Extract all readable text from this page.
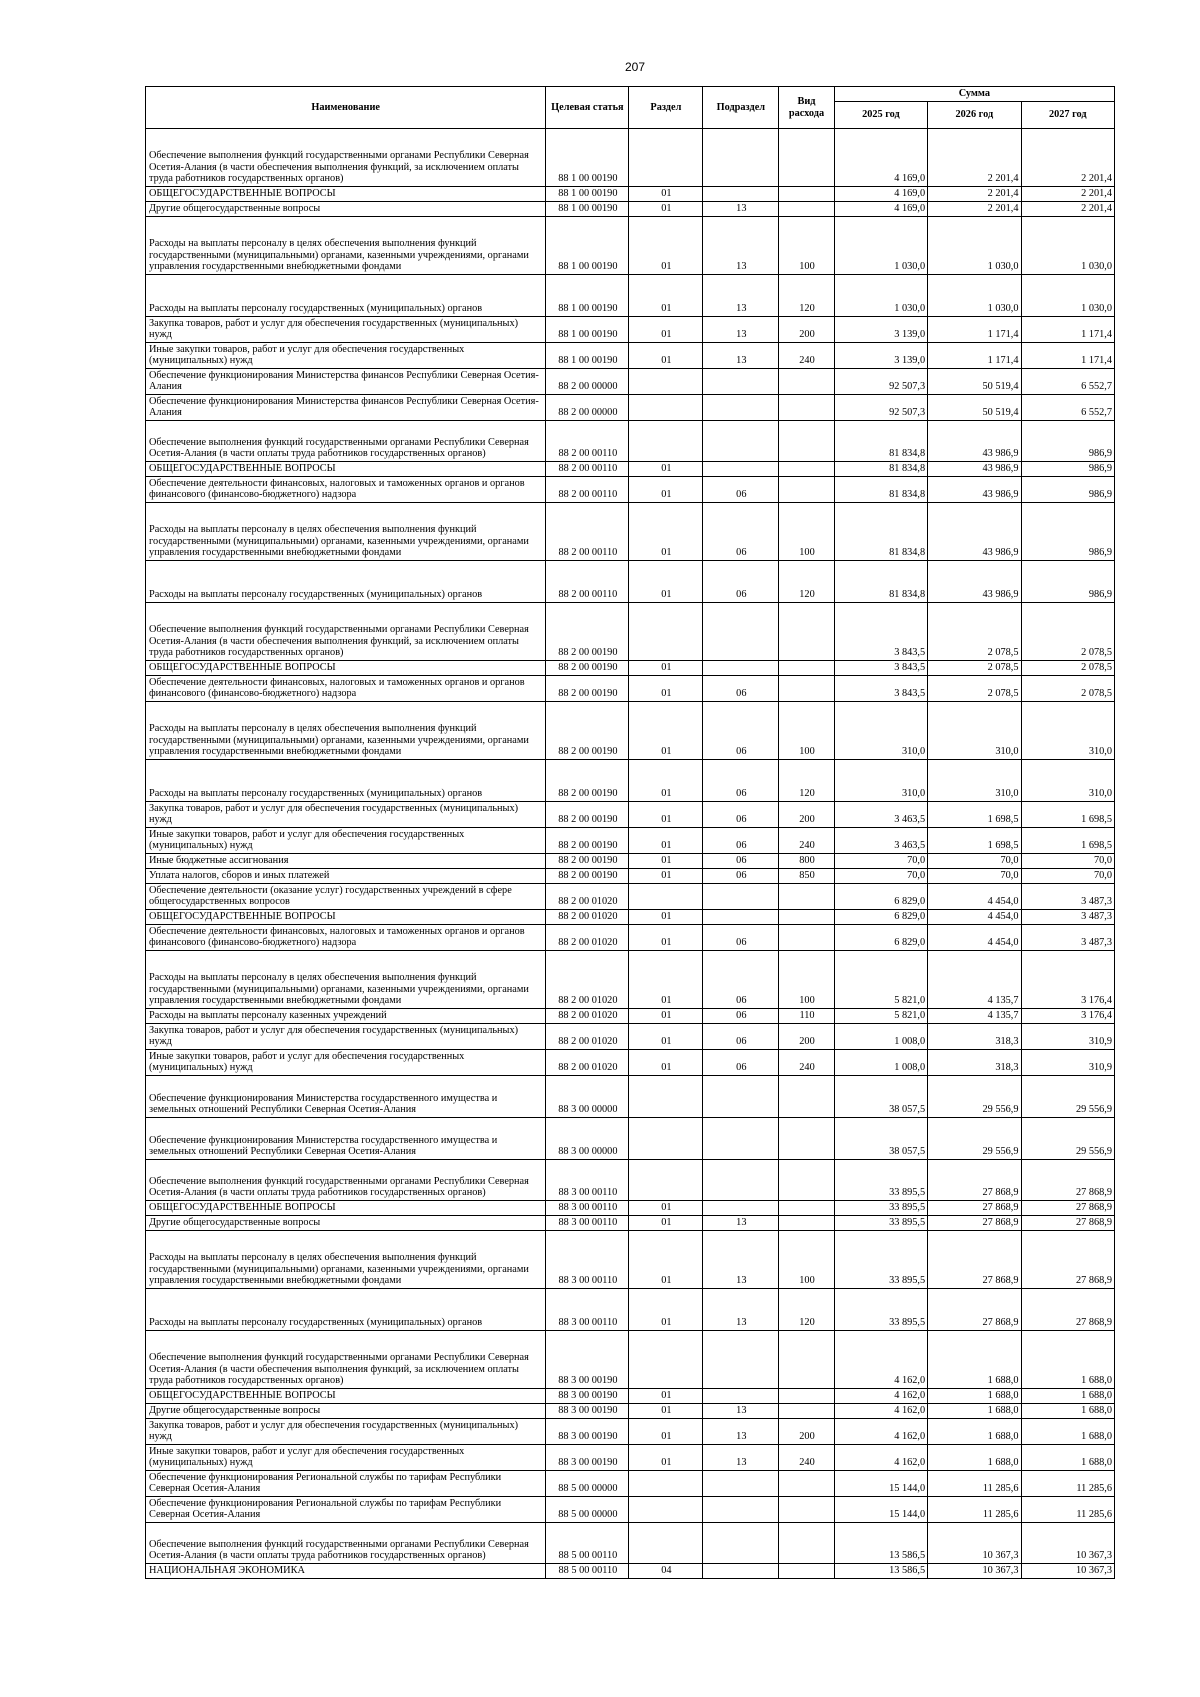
207
Наименование	Целевая статья	Раздел	Подраздел	Вид расхода	Сумма		
					2025 год	2026 год	2027 год
Обеспечение выполнения функций государственными органами Республики Северная Осетия-Алания (в части обеспечения выполнения функций, за исключением оплаты труда работников государственных органов)	88 1 00 00190				4 169,0	2 201,4	2 201,4
ОБЩЕГОСУДАРСТВЕННЫЕ ВОПРОСЫ	88 1 00 00190	01			4 169,0	2 201,4	2 201,4
Другие общегосударственные вопросы	88 1 00 00190	01	13		4 169,0	2 201,4	2 201,4
Расходы на выплаты персоналу в целях обеспечения выполнения функций государственными (муниципальными) органами, казенными учреждениями, органами управления государственными внебюджетными фондами	88 1 00 00190	01	13	100	1 030,0	1 030,0	1 030,0
Расходы на выплаты персоналу государственных (муниципальных) органов	88 1 00 00190	01	13	120	1 030,0	1 030,0	1 030,0
Закупка товаров, работ и услуг для обеспечения государственных (муниципальных) нужд	88 1 00 00190	01	13	200	3 139,0	1 171,4	1 171,4
Иные закупки товаров, работ и услуг для обеспечения государственных (муниципальных) нужд	88 1 00 00190	01	13	240	3 139,0	1 171,4	1 171,4
Обеспечение функционирования Министерства финансов Республики Северная Осетия-Алания	88 2 00 00000				92 507,3	50 519,4	6 552,7
Обеспечение функционирования Министерства финансов Республики Северная Осетия-Алания	88 2 00 00000				92 507,3	50 519,4	6 552,7
Обеспечение выполнения функций государственными органами Республики Северная Осетия-Алания (в части оплаты труда работников государственных органов)	88 2 00 00110				81 834,8	43 986,9	986,9
ОБЩЕГОСУДАРСТВЕННЫЕ ВОПРОСЫ	88 2 00 00110	01			81 834,8	43 986,9	986,9
Обеспечение деятельности финансовых, налоговых и таможенных органов и органов финансового (финансово-бюджетного) надзора	88 2 00 00110	01	06		81 834,8	43 986,9	986,9
Расходы на выплаты персоналу в целях обеспечения выполнения функций государственными (муниципальными) органами, казенными учреждениями, органами управления государственными внебюджетными фондами	88 2 00 00110	01	06	100	81 834,8	43 986,9	986,9
Расходы на выплаты персоналу государственных (муниципальных) органов	88 2 00 00110	01	06	120	81 834,8	43 986,9	986,9
Обеспечение выполнения функций государственными органами Республики Северная Осетия-Алания (в части обеспечения выполнения функций, за исключением оплаты труда работников государственных органов)	88 2 00 00190				3 843,5	2 078,5	2 078,5
ОБЩЕГОСУДАРСТВЕННЫЕ ВОПРОСЫ	88 2 00 00190	01			3 843,5	2 078,5	2 078,5
Обеспечение деятельности финансовых, налоговых и таможенных органов и органов финансового (финансово-бюджетного) надзора	88 2 00 00190	01	06		3 843,5	2 078,5	2 078,5
Расходы на выплаты персоналу в целях обеспечения выполнения функций государственными (муниципальными) органами, казенными учреждениями, органами управления государственными внебюджетными фондами	88 2 00 00190	01	06	100	310,0	310,0	310,0
Расходы на выплаты персоналу государственных (муниципальных) органов	88 2 00 00190	01	06	120	310,0	310,0	310,0
Закупка товаров, работ и услуг для обеспечения государственных (муниципальных) нужд	88 2 00 00190	01	06	200	3 463,5	1 698,5	1 698,5
Иные закупки товаров, работ и услуг для обеспечения государственных (муниципальных) нужд	88 2 00 00190	01	06	240	3 463,5	1 698,5	1 698,5
Иные бюджетные ассигнования	88 2 00 00190	01	06	800	70,0	70,0	70,0
Уплата налогов, сборов и иных платежей	88 2 00 00190	01	06	850	70,0	70,0	70,0
Обеспечение деятельности (оказание услуг) государственных учреждений в сфере общегосударственных вопросов	88 2 00 01020				6 829,0	4 454,0	3 487,3
ОБЩЕГОСУДАРСТВЕННЫЕ ВОПРОСЫ	88 2 00 01020	01			6 829,0	4 454,0	3 487,3
Обеспечение деятельности финансовых, налоговых и таможенных органов и органов финансового (финансово-бюджетного) надзора	88 2 00 01020	01	06		6 829,0	4 454,0	3 487,3
Расходы на выплаты персоналу в целях обеспечения выполнения функций государственными (муниципальными) органами, казенными учреждениями, органами управления государственными внебюджетными фондами	88 2 00 01020	01	06	100	5 821,0	4 135,7	3 176,4
Расходы на выплаты персоналу казенных учреждений	88 2 00 01020	01	06	110	5 821,0	4 135,7	3 176,4
Закупка товаров, работ и услуг для обеспечения государственных (муниципальных) нужд	88 2 00 01020	01	06	200	1 008,0	318,3	310,9
Иные закупки товаров, работ и услуг для обеспечения государственных (муниципальных) нужд	88 2 00 01020	01	06	240	1 008,0	318,3	310,9
Обеспечение функционирования Министерства государственного имущества и земельных отношений Республики Северная Осетия-Алания	88 3 00 00000				38 057,5	29 556,9	29 556,9
Обеспечение функционирования Министерства государственного имущества и земельных отношений Республики Северная Осетия-Алания	88 3 00 00000				38 057,5	29 556,9	29 556,9
Обеспечение выполнения функций государственными органами Республики Северная Осетия-Алания (в части оплаты труда работников государственных органов)	88 3 00 00110				33 895,5	27 868,9	27 868,9
ОБЩЕГОСУДАРСТВЕННЫЕ ВОПРОСЫ	88 3 00 00110	01			33 895,5	27 868,9	27 868,9
Другие общегосударственные вопросы	88 3 00 00110	01	13		33 895,5	27 868,9	27 868,9
Расходы на выплаты персоналу в целях обеспечения выполнения функций государственными (муниципальными) органами, казенными учреждениями, органами управления государственными внебюджетными фондами	88 3 00 00110	01	13	100	33 895,5	27 868,9	27 868,9
Расходы на выплаты персоналу государственных (муниципальных) органов	88 3 00 00110	01	13	120	33 895,5	27 868,9	27 868,9
Обеспечение выполнения функций государственными органами Республики Северная Осетия-Алания (в части обеспечения выполнения функций, за исключением оплаты труда работников государственных органов)	88 3 00 00190				4 162,0	1 688,0	1 688,0
ОБЩЕГОСУДАРСТВЕННЫЕ ВОПРОСЫ	88 3 00 00190	01			4 162,0	1 688,0	1 688,0
Другие общегосударственные вопросы	88 3 00 00190	01	13		4 162,0	1 688,0	1 688,0
Закупка товаров, работ и услуг для обеспечения государственных (муниципальных) нужд	88 3 00 00190	01	13	200	4 162,0	1 688,0	1 688,0
Иные закупки товаров, работ и услуг для обеспечения государственных (муниципальных) нужд	88 3 00 00190	01	13	240	4 162,0	1 688,0	1 688,0
Обеспечение функционирования Региональной службы по тарифам Республики Северная Осетия-Алания	88 5 00 00000				15 144,0	11 285,6	11 285,6
Обеспечение функционирования Региональной службы по тарифам Республики Северная Осетия-Алания	88 5 00 00000				15 144,0	11 285,6	11 285,6
Обеспечение выполнения функций государственными органами Республики Северная Осетия-Алания (в части оплаты труда работников государственных органов)	88 5 00 00110				13 586,5	10 367,3	10 367,3
НАЦИОНАЛЬНАЯ ЭКОНОМИКА	88 5 00 00110	04			13 586,5	10 367,3	10 367,3
